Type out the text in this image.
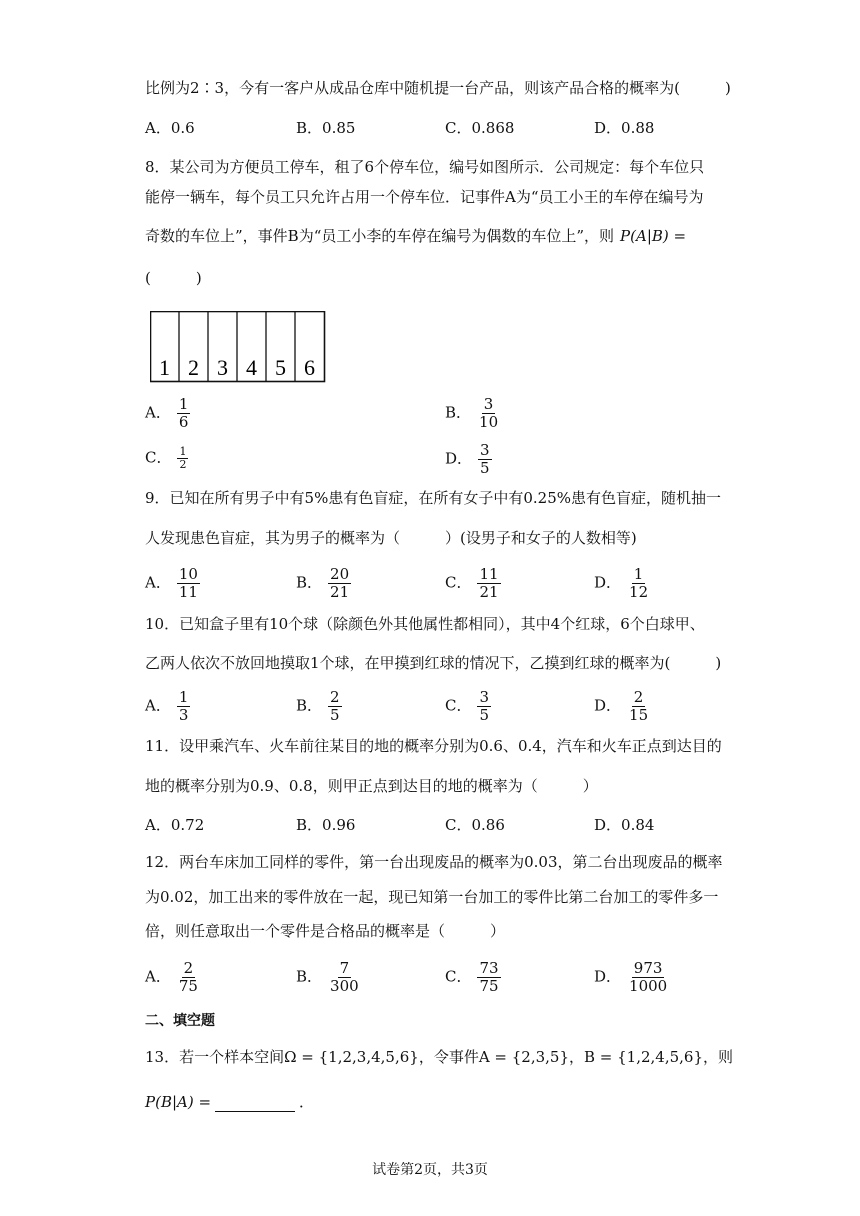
比例为2∶3，今有一客户从成品仓库中随机提一台产品，则该产品合格的概率为(　　　)
A．0.6	B．0.85	C．0.868	D．0.88
8．某公司为方便员工停车，租了6个停车位，编号如图所示．公司规定：每个车位只
能停一辆车，每个员工只允许占用一个停车位．记事件A为“员工小王的车停在编号为
奇数的车位上”，事件B为“员工小李的车停在编号为偶数的车位上”，则 P(A|B) =
(　　　)
1 2 3 4 5 6
A． $\frac{1}{6}$	B． $\frac{3}{10}$
C． $\frac{1}{2}$	D． $\frac{3}{5}$
9．已知在所有男子中有5%患有色盲症，在所有女子中有0.25%患有色盲症，随机抽一
人发现患色盲症，其为男子的概率为（　　　）(设男子和女子的人数相等)
A． $\frac{10}{11}$	B． $\frac{20}{21}$	C． $\frac{11}{21}$	D． $\frac{1}{12}$
10．已知盒子里有10个球（除颜色外其他属性都相同），其中4个红球，6个白球甲、
乙两人依次不放回地摸取1个球，在甲摸到红球的情况下，乙摸到红球的概率为(　　　)
A． $\frac{1}{3}$	B． $\frac{2}{5}$	C． $\frac{3}{5}$	D． $\frac{2}{15}$
11．设甲乘汽车、火车前往某目的地的概率分别为0.6、0.4，汽车和火车正点到达目的
地的概率分别为0.9、0.8，则甲正点到达目的地的概率为（　　　）
A．0.72	B．0.96	C．0.86	D．0.84
12．两台车床加工同样的零件，第一台出现废品的概率为0.03，第二台出现废品的概率
为0.02，加工出来的零件放在一起，现已知第一台加工的零件比第二台加工的零件多一
倍，则任意取出一个零件是合格品的概率是（　　　）
A． $\frac{2}{75}$	B． $\frac{7}{300}$	C． $\frac{73}{75}$	D． $\frac{973}{1000}$
二、填空题
13．若一个样本空间Ω = {1,2,3,4,5,6}，令事件A = {2,3,5}，B = {1,2,4,5,6}，则
P(B|A) =	．
试卷第2页，共3页
